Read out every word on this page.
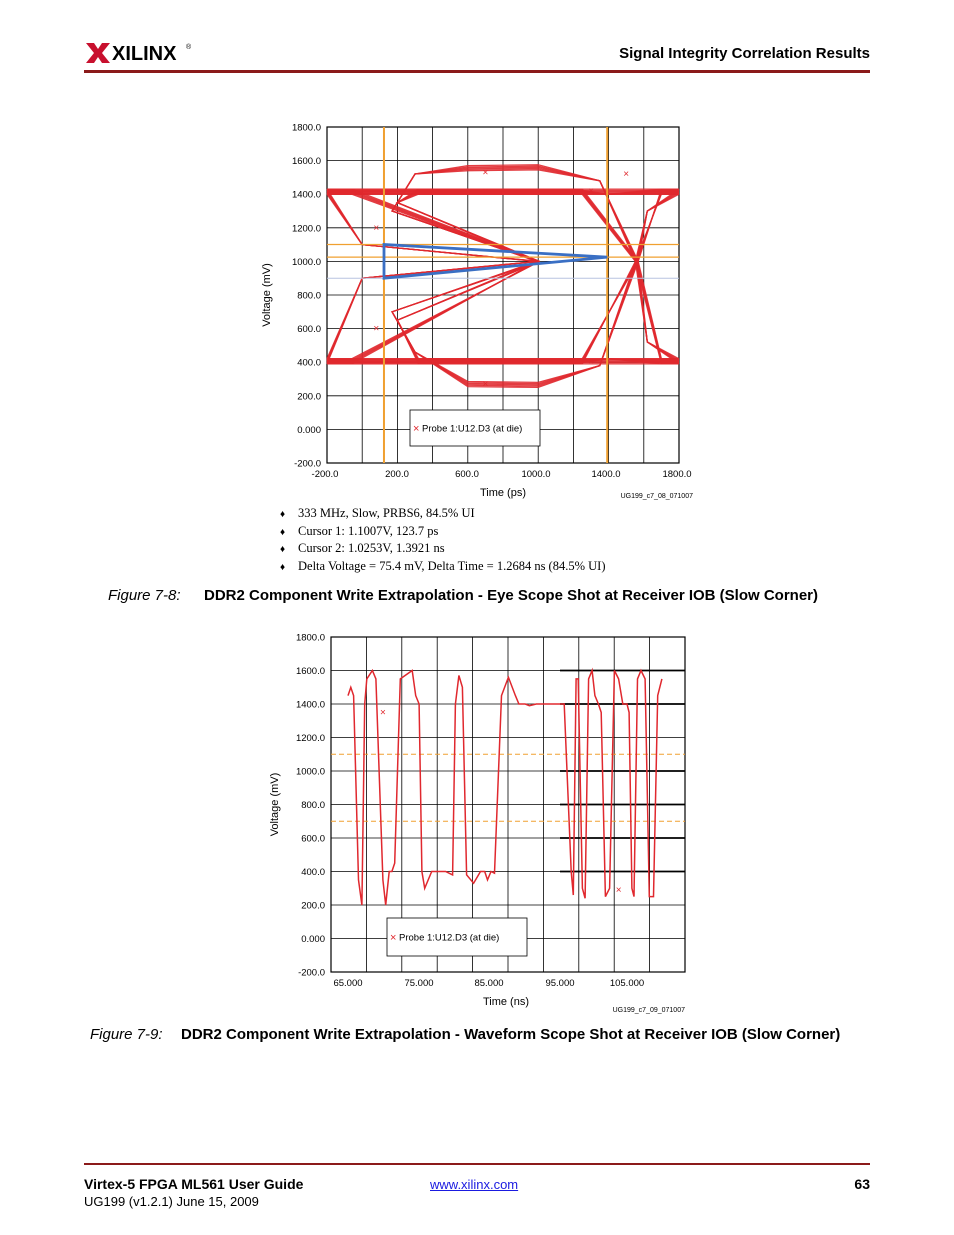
XILINX ®	Signal Integrity Correlation Results
1800.0
1600.0
1400.0
1200.0
1000.0
800.0
600.0
400.0
200.0
0.000
-200.0
-200.0	200.0	600.0	1000.0	1400.0	1800.0
Time (ps)
Voltage (mV)
×
×
×
×
×
×
×
×
×
× Probe 1:U12.D3 (at die)
UG199_c7_08_071007
♦ 333 MHz, Slow, PRBS6, 84.5% UI
♦ Cursor 1: 1.1007V, 123.7 ps
♦ Cursor 2: 1.0253V, 1.3921 ns
♦ Delta Voltage = 75.4 mV, Delta Time = 1.2684 ns (84.5% UI)
Figure 7-8: DDR2 Component Write Extrapolation - Eye Scope Shot at Receiver IOB (Slow Corner)
1800.0
1600.0
1400.0
1200.0
1000.0
800.0
600.0
400.0
200.0
0.000
-200.0
65.000	75.000	85.000	95.000	105.000
Time (ns)
Voltage (mV)
×
×
× Probe 1:U12.D3 (at die)
UG199_c7_09_071007
Figure 7-9: DDR2 Component Write Extrapolation - Waveform Scope Shot at Receiver IOB (Slow Corner)
Virtex-5 FPGA ML561 User Guide
UG199 (v1.2.1) June 15, 2009
www.xilinx.com	63
